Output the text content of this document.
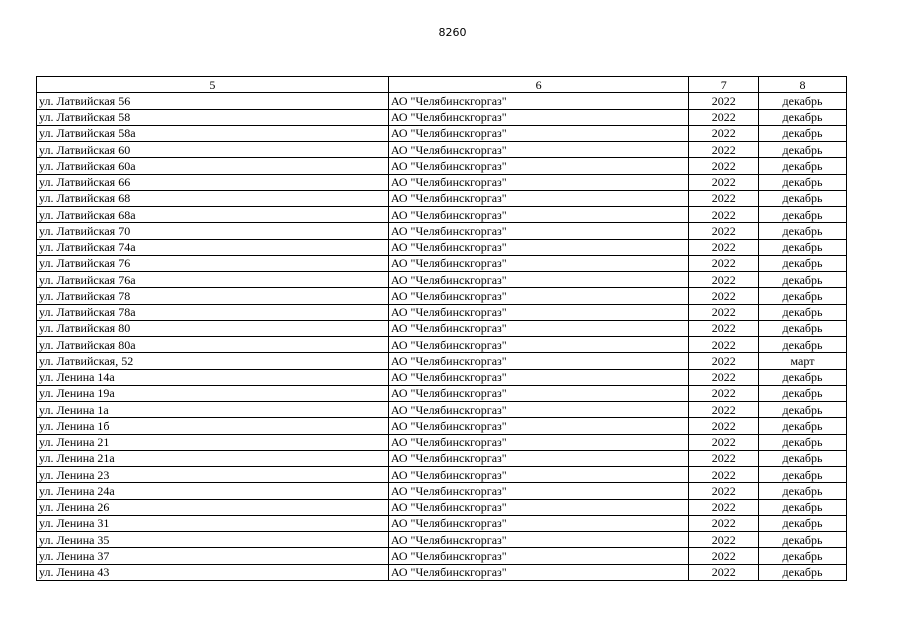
8260
5	6	7	8
ул. Латвийская 56	АО "Челябинскгоргаз"	2022	декабрь
ул. Латвийская 58	АО "Челябинскгоргаз"	2022	декабрь
ул. Латвийская 58а	АО "Челябинскгоргаз"	2022	декабрь
ул. Латвийская 60	АО "Челябинскгоргаз"	2022	декабрь
ул. Латвийская 60а	АО "Челябинскгоргаз"	2022	декабрь
ул. Латвийская 66	АО "Челябинскгоргаз"	2022	декабрь
ул. Латвийская 68	АО "Челябинскгоргаз"	2022	декабрь
ул. Латвийская 68а	АО "Челябинскгоргаз"	2022	декабрь
ул. Латвийская 70	АО "Челябинскгоргаз"	2022	декабрь
ул. Латвийская 74а	АО "Челябинскгоргаз"	2022	декабрь
ул. Латвийская 76	АО "Челябинскгоргаз"	2022	декабрь
ул. Латвийская 76а	АО "Челябинскгоргаз"	2022	декабрь
ул. Латвийская 78	АО "Челябинскгоргаз"	2022	декабрь
ул. Латвийская 78а	АО "Челябинскгоргаз"	2022	декабрь
ул. Латвийская 80	АО "Челябинскгоргаз"	2022	декабрь
ул. Латвийская 80а	АО "Челябинскгоргаз"	2022	декабрь
ул. Латвийская, 52	АО "Челябинскгоргаз"	2022	март
ул. Ленина 14а	АО "Челябинскгоргаз"	2022	декабрь
ул. Ленина 19а	АО "Челябинскгоргаз"	2022	декабрь
ул. Ленина 1а	АО "Челябинскгоргаз"	2022	декабрь
ул. Ленина 1б	АО "Челябинскгоргаз"	2022	декабрь
ул. Ленина 21	АО "Челябинскгоргаз"	2022	декабрь
ул. Ленина 21а	АО "Челябинскгоргаз"	2022	декабрь
ул. Ленина 23	АО "Челябинскгоргаз"	2022	декабрь
ул. Ленина 24а	АО "Челябинскгоргаз"	2022	декабрь
ул. Ленина 26	АО "Челябинскгоргаз"	2022	декабрь
ул. Ленина 31	АО "Челябинскгоргаз"	2022	декабрь
ул. Ленина 35	АО "Челябинскгоргаз"	2022	декабрь
ул. Ленина 37	АО "Челябинскгоргаз"	2022	декабрь
ул. Ленина 43	АО "Челябинскгоргаз"	2022	декабрь
